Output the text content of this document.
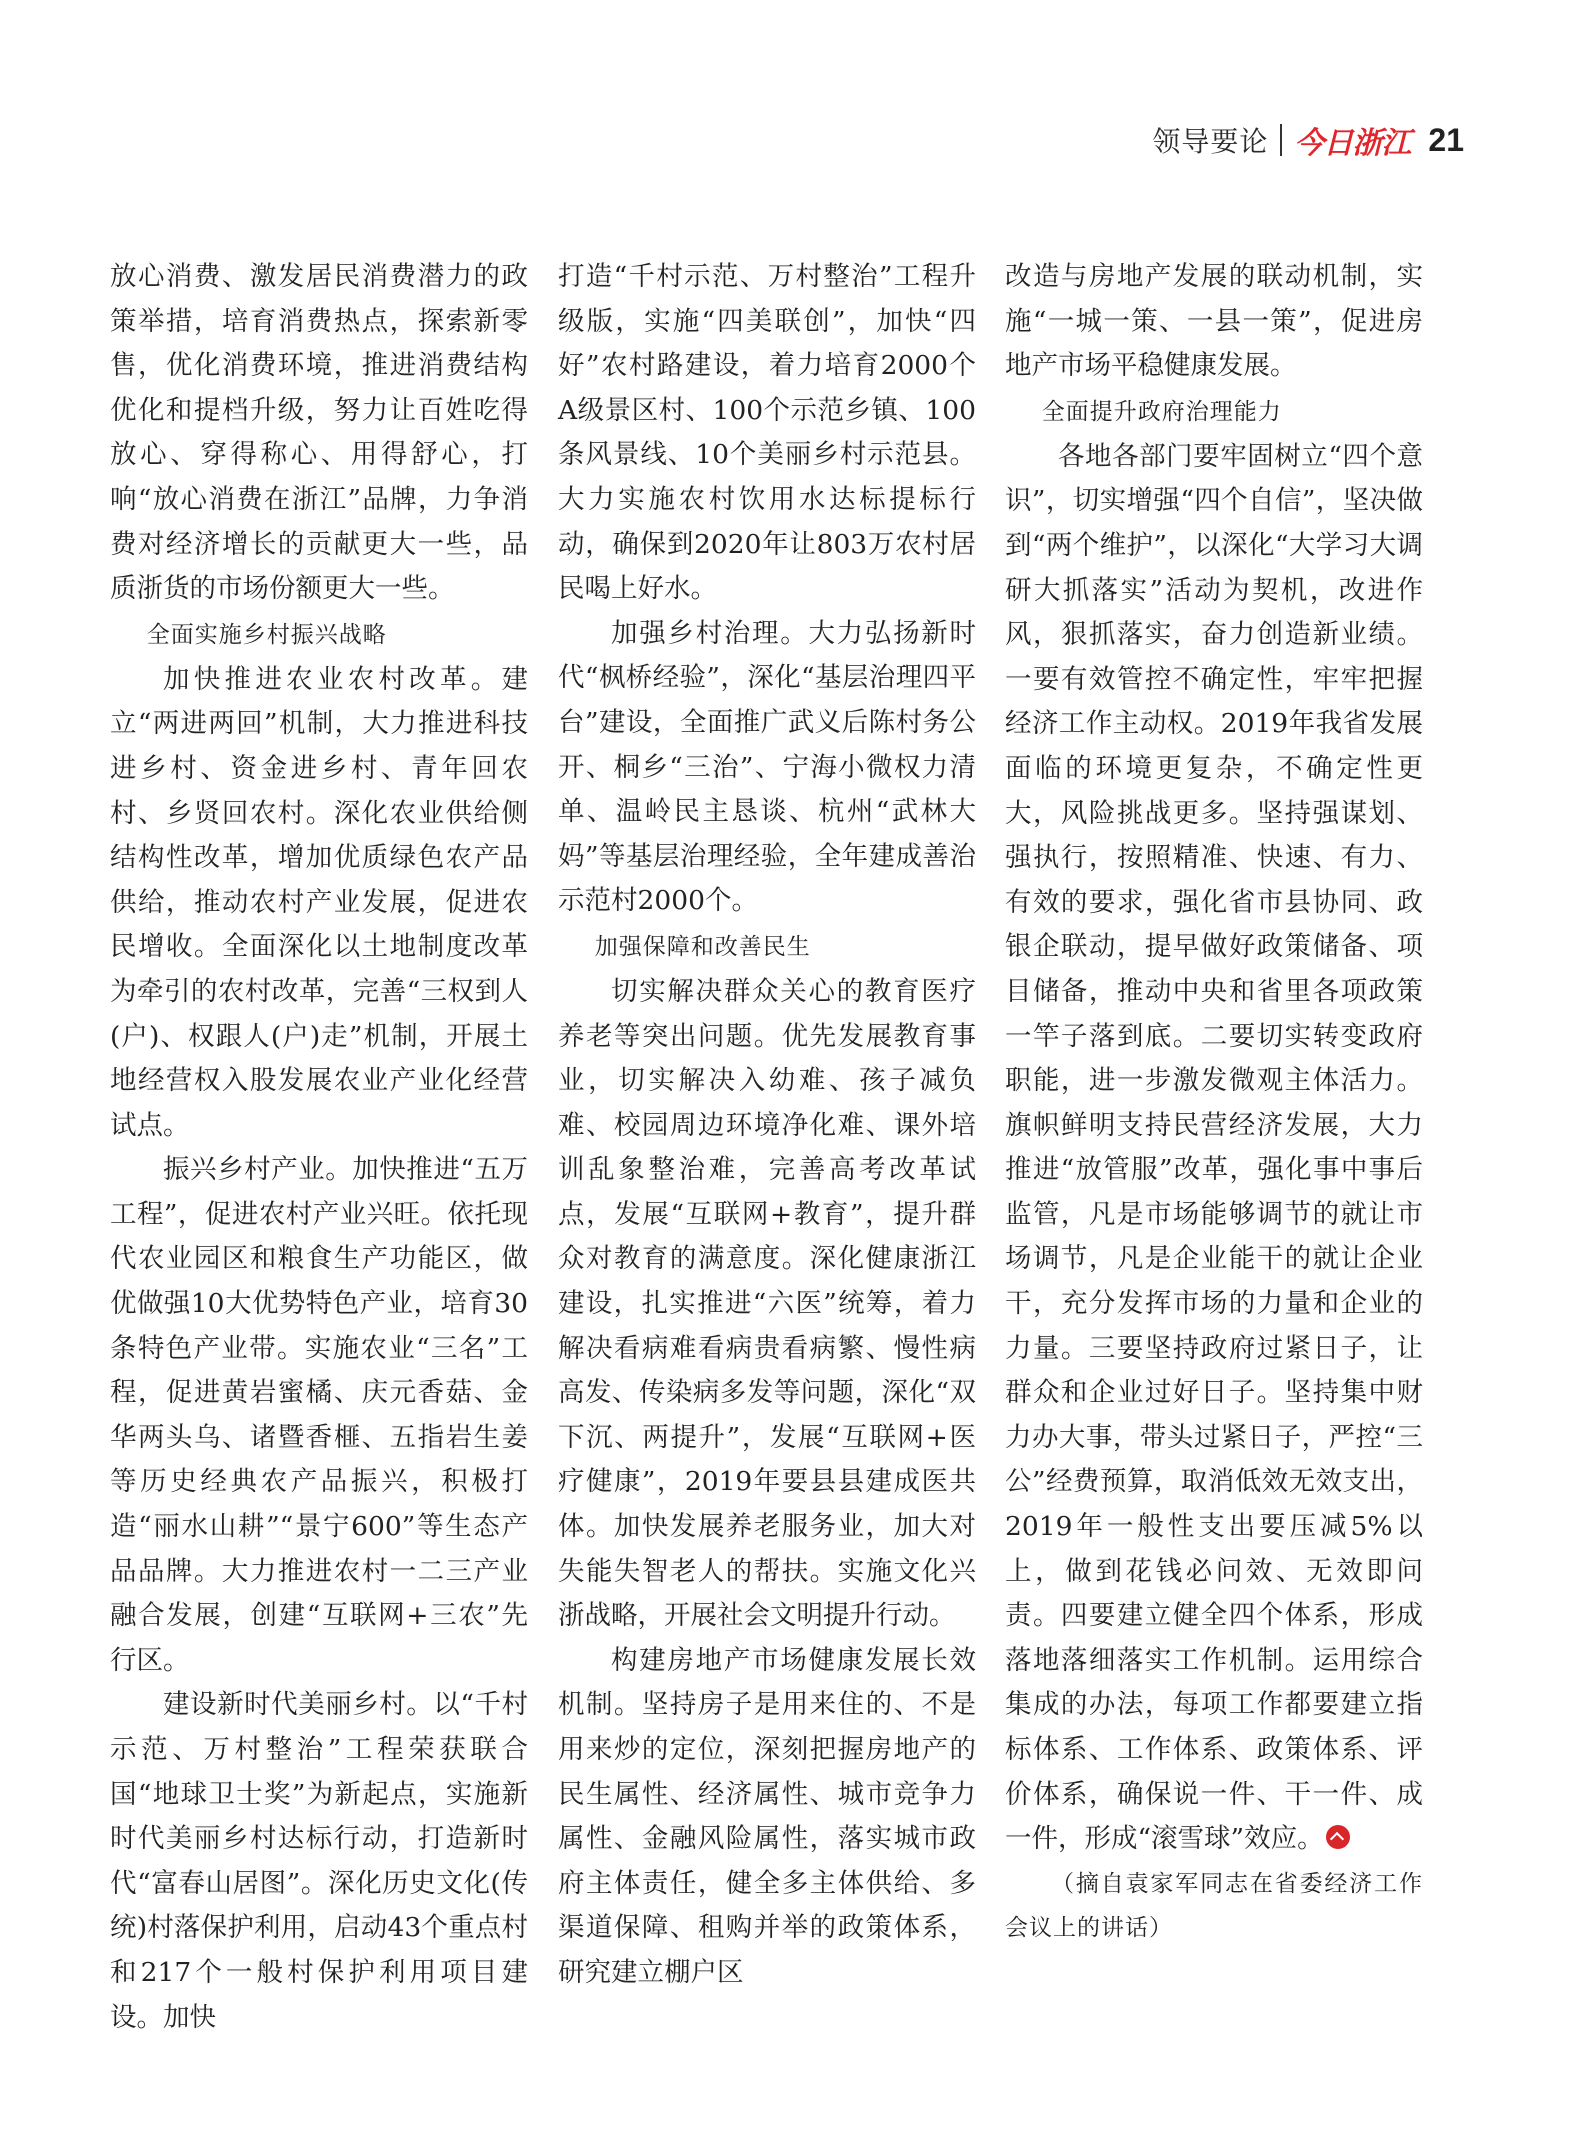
领导要论 今日浙江 21

放心消费、激发居民消费潜力的政策举措，培育消费热点，探索新零售，优化消费环境，推进消费结构优化和提档升级，努力让百姓吃得放心、穿得称心、用得舒心，打响“放心消费在浙江”品牌，力争消费对经济增长的贡献更大一些，品质浙货的市场份额更大一些。

全面实施乡村振兴战略

加快推进农业农村改革。建立“两进两回”机制，大力推进科技进乡村、资金进乡村、青年回农村、乡贤回农村。深化农业供给侧结构性改革，增加优质绿色农产品供给，推动农村产业发展，促进农民增收。全面深化以土地制度改革为牵引的农村改革，完善“三权到人(户)、权跟人(户)走”机制，开展土地经营权入股发展农业产业化经营试点。

振兴乡村产业。加快推进“五万工程”，促进农村产业兴旺。依托现代农业园区和粮食生产功能区，做优做强10大优势特色产业，培育30条特色产业带。实施农业“三名”工程，促进黄岩蜜橘、庆元香菇、金华两头乌、诸暨香榧、五指岩生姜等历史经典农产品振兴，积极打造“丽水山耕”“景宁600”等生态产品品牌。大力推进农村一二三产业融合发展，创建“互联网+三农”先行区。

建设新时代美丽乡村。以“千村示范、万村整治”工程荣获联合国“地球卫士奖”为新起点，实施新时代美丽乡村达标行动，打造新时代“富春山居图”。深化历史文化(传统)村落保护利用，启动43个重点村和217个一般村保护利用项目建设。加快

打造“千村示范、万村整治”工程升级版，实施“四美联创”，加快“四好”农村路建设，着力培育2000个A级景区村、100个示范乡镇、100条风景线、10个美丽乡村示范县。大力实施农村饮用水达标提标行动，确保到2020年让803万农村居民喝上好水。

加强乡村治理。大力弘扬新时代“枫桥经验”，深化“基层治理四平台”建设，全面推广武义后陈村务公开、桐乡“三治”、宁海小微权力清单、温岭民主恳谈、杭州“武林大妈”等基层治理经验，全年建成善治示范村2000个。

加强保障和改善民生

切实解决群众关心的教育医疗养老等突出问题。优先发展教育事业，切实解决入幼难、孩子减负难、校园周边环境净化难、课外培训乱象整治难，完善高考改革试点，发展“互联网+教育”，提升群众对教育的满意度。深化健康浙江建设，扎实推进“六医”统筹，着力解决看病难看病贵看病繁、慢性病高发、传染病多发等问题，深化“双下沉、两提升”，发展“互联网+医疗健康”，2019年要县县建成医共体。加快发展养老服务业，加大对失能失智老人的帮扶。实施文化兴浙战略，开展社会文明提升行动。

构建房地产市场健康发展长效机制。坚持房子是用来住的、不是用来炒的定位，深刻把握房地产的民生属性、经济属性、城市竞争力属性、金融风险属性，落实城市政府主体责任，健全多主体供给、多渠道保障、租购并举的政策体系，研究建立棚户区

改造与房地产发展的联动机制，实施“一城一策、一县一策”，促进房地产市场平稳健康发展。

全面提升政府治理能力

各地各部门要牢固树立“四个意识”，切实增强“四个自信”，坚决做到“两个维护”，以深化“大学习大调研大抓落实”活动为契机，改进作风，狠抓落实，奋力创造新业绩。一要有效管控不确定性，牢牢把握经济工作主动权。2019年我省发展面临的环境更复杂，不确定性更大，风险挑战更多。坚持强谋划、强执行，按照精准、快速、有力、有效的要求，强化省市县协同、政银企联动，提早做好政策储备、项目储备，推动中央和省里各项政策一竿子落到底。二要切实转变政府职能，进一步激发微观主体活力。旗帜鲜明支持民营经济发展，大力推进“放管服”改革，强化事中事后监管，凡是市场能够调节的就让市场调节，凡是企业能干的就让企业干，充分发挥市场的力量和企业的力量。三要坚持政府过紧日子，让群众和企业过好日子。坚持集中财力办大事，带头过紧日子，严控“三公”经费预算，取消低效无效支出，2019年一般性支出要压减5%以上，做到花钱必问效、无效即问责。四要建立健全四个体系，形成落地落细落实工作机制。运用综合集成的办法，每项工作都要建立指标体系、工作体系、政策体系、评价体系，确保说一件、干一件、成一件，形成“滚雪球”效应。

（摘自袁家军同志在省委经济工作会议上的讲话）
